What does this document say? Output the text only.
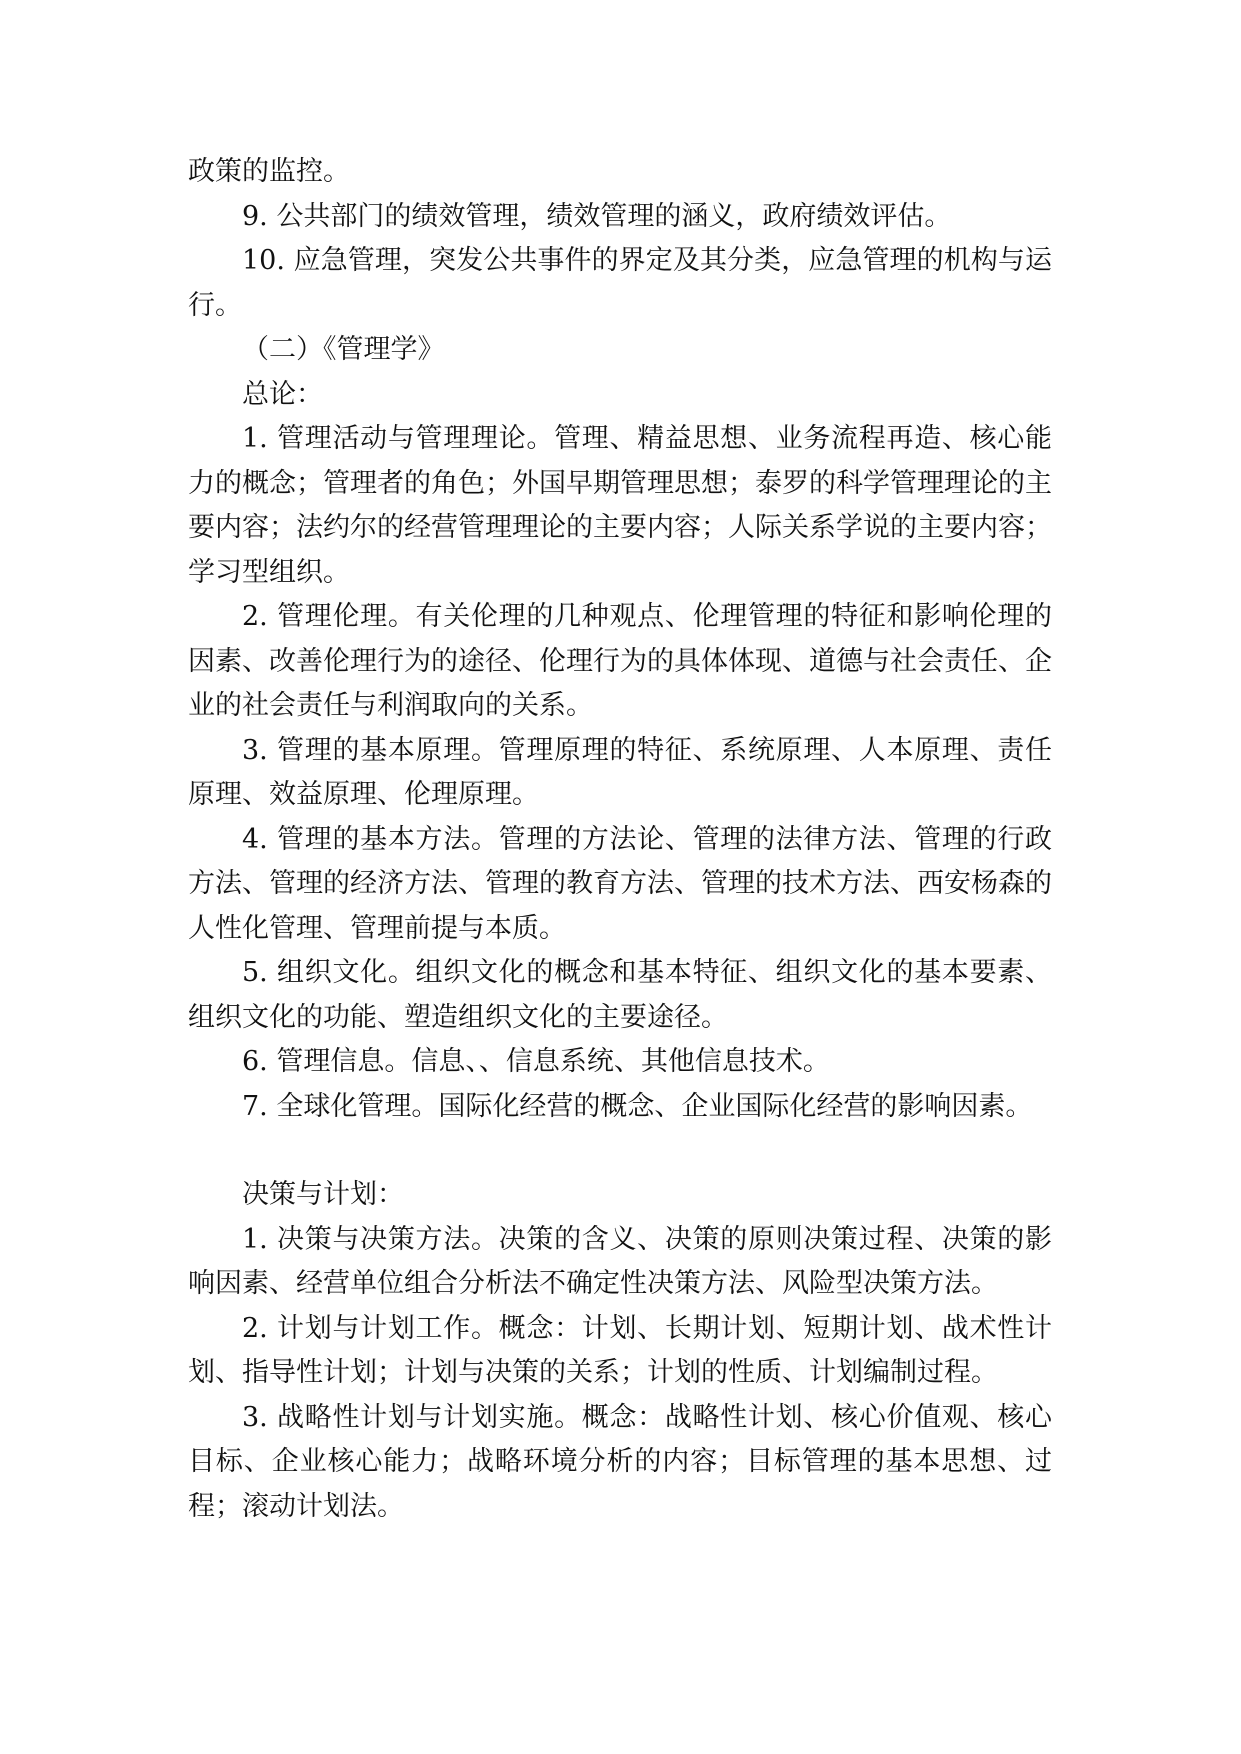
政策的监控。

9. 公共部门的绩效管理，绩效管理的涵义，政府绩效评估。

10. 应急管理，突发公共事件的界定及其分类，应急管理的机构与运行。

（二）《管理学》

总论：

1. 管理活动与管理理论。管理、精益思想、业务流程再造、核心能力的概念；管理者的角色；外国早期管理思想；泰罗的科学管理理论的主要内容；法约尔的经营管理理论的主要内容；人际关系学说的主要内容；学习型组织。

2. 管理伦理。有关伦理的几种观点、伦理管理的特征和影响伦理的因素、改善伦理行为的途径、伦理行为的具体体现、道德与社会责任、企业的社会责任与利润取向的关系。

3. 管理的基本原理。管理原理的特征、系统原理、人本原理、责任原理、效益原理、伦理原理。

4. 管理的基本方法。管理的方法论、管理的法律方法、管理的行政方法、管理的经济方法、管理的教育方法、管理的技术方法、西安杨森的人性化管理、管理前提与本质。

5. 组织文化。组织文化的概念和基本特征、组织文化的基本要素、组织文化的功能、塑造组织文化的主要途径。

6. 管理信息。信息、、信息系统、其他信息技术。

7. 全球化管理。国际化经营的概念、企业国际化经营的影响因素。

决策与计划：

1. 决策与决策方法。决策的含义、决策的原则决策过程、决策的影响因素、经营单位组合分析法不确定性决策方法、风险型决策方法。

2. 计划与计划工作。概念：计划、长期计划、短期计划、战术性计划、指导性计划；计划与决策的关系；计划的性质、计划编制过程。

3. 战略性计划与计划实施。概念：战略性计划、核心价值观、核心目标、企业核心能力；战略环境分析的内容；目标管理的基本思想、过程；滚动计划法。
